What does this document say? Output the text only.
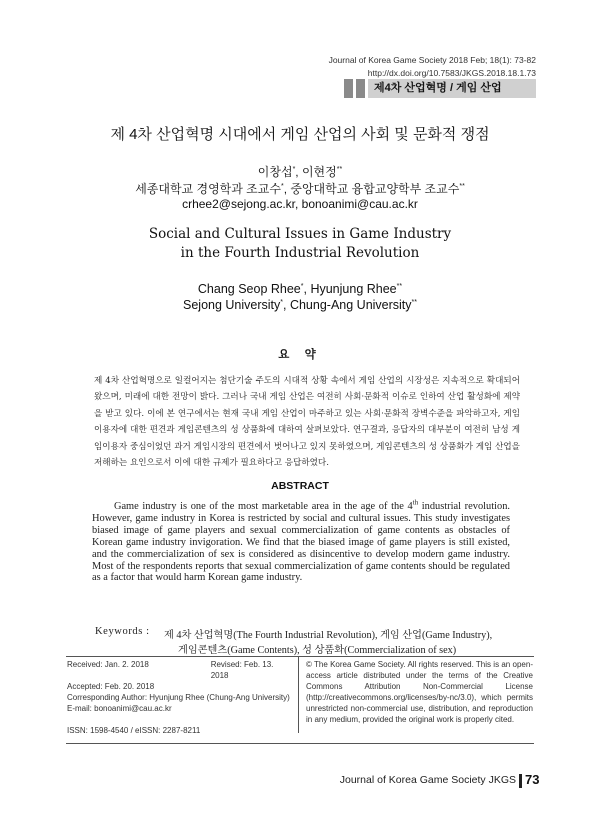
Journal of Korea Game Society 2018 Feb; 18(1): 73-82
http://dx.doi.org/10.7583/JKGS.2018.18.1.73
제4차 산업혁명 / 게임 산업
제 4차 산업혁명 시대에서 게임 산업의 사회 및 문화적 쟁점
이창섭*, 이현정**
세종대학교 경영학과 조교수*, 중앙대학교 융합교양학부 조교수**
crhee2@sejong.ac.kr, bonoanimi@cau.ac.kr
Social and Cultural Issues in Game Industry
in the Fourth Industrial Revolution
Chang Seop Rhee*, Hyunjung Rhee**
Sejong University*, Chung-Ang University**
요 약
제 4차 산업혁명으로 일컬어지는 첨단기술 주도의 시대적 상황 속에서 게임 산업의 시장성은 지속적으로 확대되어 왔으며, 미래에 대한 전망이 밝다. 그러나 국내 게임 산업은 여전히 사회·문화적 이슈로 인하여 산업 활성화에 제약을 받고 있다. 이에 본 연구에서는 현재 국내 게임 산업이 마주하고 있는 사회·문화적 장벽수준을 파악하고자, 게임이용자에 대한 편견과 게임콘텐츠의 성 상품화에 대하여 살펴보았다. 연구결과, 응답자의 대부분이 여전히 남성 게임이용자 중심이었던 과거 게임시장의 편견에서 벗어나고 있지 못하였으며, 게임콘텐츠의 성 상품화가 게임 산업을 저해하는 요인으로서 이에 대한 규제가 필요하다고 응답하였다.
ABSTRACT
Game industry is one of the most marketable area in the age of the 4th industrial revolution. However, game industry in Korea is restricted by social and cultural issues. This study investigates biased image of game players and sexual commercialization of game contents as obstacles of Korean game industry invigoration. We find that the biased image of game players is still existed, and the commercialization of sex is considered as disincentive to develop modern game industry. Most of the respondents reports that sexual commercialization of game contents should be regulated as a factor that would harm Korean game industry.
Keywords : 제 4차 산업혁명(The Fourth Industrial Revolution), 게임 산업(Game Industry),
게임콘텐츠(Game Contents), 성 상품화(Commercialization of sex)
Received: Jan. 2. 2018	Revised: Feb. 13. 2018
Accepted: Feb. 20. 2018
Corresponding Author: Hyunjung Rhee (Chung-Ang University)
E-mail: bonoanimi@cau.ac.kr
ISSN: 1598-4540 / eISSN: 2287-8211
© The Korea Game Society. All rights reserved. This is an open-access article distributed under the terms of the Creative Commons Attribution Non-Commercial License (http://creativecommons.org/licenses/by-nc/3.0), which permits unrestricted non-commercial use, distribution, and reproduction in any medium, provided the original work is properly cited.
Journal of Korea Game Society JKGS 73
